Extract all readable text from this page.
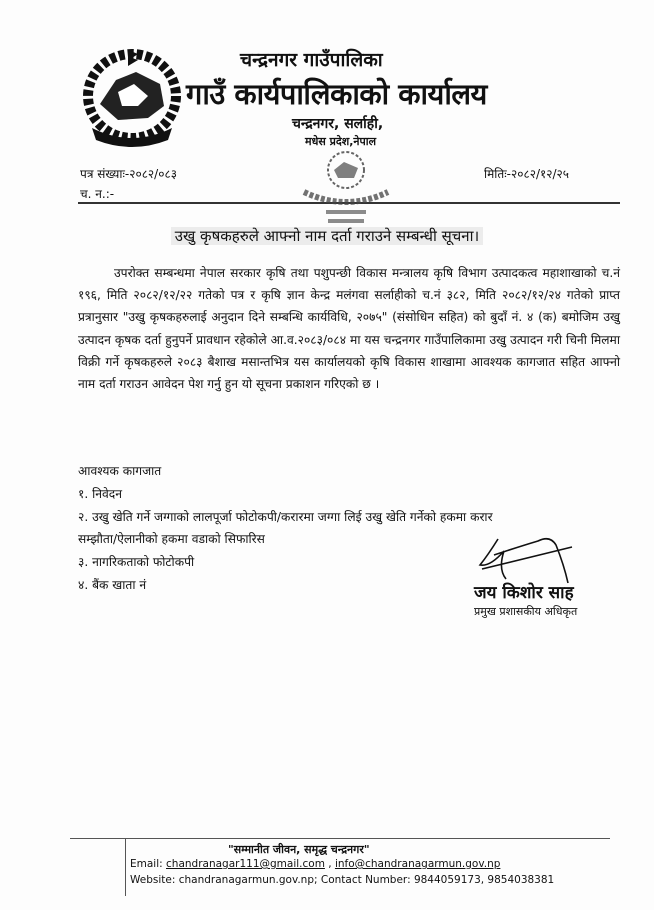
चन्द्रनगर गाउँपालिका
गाउँ कार्यपालिकाको कार्यालय
चन्द्रनगर, सर्लाही,
मधेस प्रदेश,नेपाल
पत्र संख्याः-२०८२/०८३
च. न.:-
मितिः-२०८२/१२/२५
उखु कृषकहरुले आफ्नो नाम दर्ता गराउने सम्बन्धी सूचना।

उपरोक्त सम्बन्धमा नेपाल सरकार कृषि तथा पशुपन्छी विकास मन्त्रालय कृषि विभाग उत्पादकत्व महाशाखाको च.नं १९६, मिति २०८२/१२/२२ गतेको पत्र र कृषि ज्ञान केन्द्र मलंगवा सर्लाहीको च.नं ३८२, मिति २०८२/१२/२४ गतेको प्राप्त प्रत्रानुसार "उखु कृषकहरुलाई अनुदान दिने सम्बन्धि कार्यविधि, २०७५" (संसोधिन सहित) को बुदाँ नं. ४ (क) बमोजिम उखु उत्पादन कृषक दर्ता हुनुपर्ने प्रावधान रहेकोले आ.व.२०८३/०८४ मा यस चन्द्रनगर गाउँपालिकामा उखु उत्पादन गरी चिनी मिलमा विक्री गर्ने कृषकहरुले २०८३ बैशाख मसान्तभित्र यस कार्यालयको कृषि विकास शाखामा आवश्यक कागजात सहित आफ्नो नाम दर्ता गराउन आवेदन पेश गर्नु हुन यो सूचना प्रकाशन गरिएको छ ।

आवश्यक कागजात
१. निवेदन
२. उखु खेति गर्ने जग्गाको लालपूर्जा फोटोकपी/करारमा जग्गा लिई उखु खेति गर्नेको हकमा करार
सम्झौता/ऐलानीको हकमा वडाको सिफारिस
३. नागरिकताको फोटोकपी
४. बैंक खाता नं	जय किशोर साह
प्रमुख प्रशासकीय अधिकृत
"सम्मानीत जीवन, समृद्ध चन्द्रनगर"
Email: chandranagar111@gmail.com , info@chandranagarmun.gov.np
Website: chandranagarmun.gov.np; Contact Number: 9844059173, 9854038381
